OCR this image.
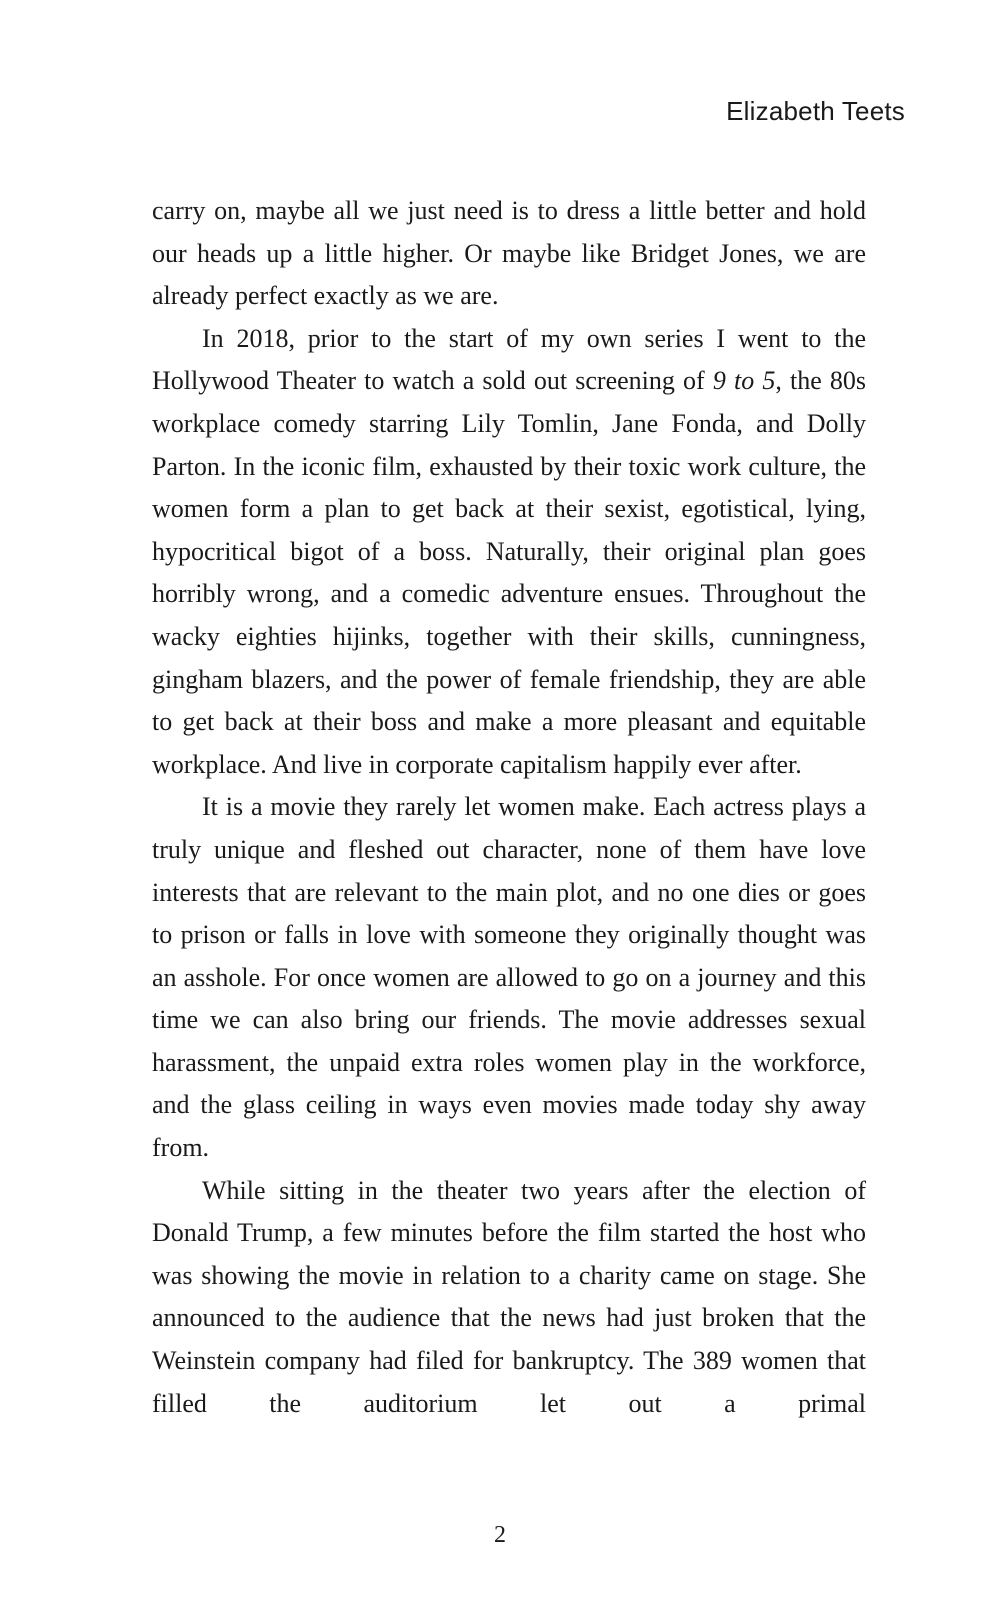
Elizabeth Teets

carry on, maybe all we just need is to dress a little better and hold our heads up a little higher. Or maybe like Bridget Jones, we are already perfect exactly as we are.

In 2018, prior to the start of my own series I went to the Hollywood Theater to watch a sold out screening of 9 to 5, the 80s workplace comedy starring Lily Tomlin, Jane Fonda, and Dolly Parton. In the iconic film, exhausted by their toxic work culture, the women form a plan to get back at their sexist, egotistical, lying, hypocritical bigot of a boss. Naturally, their original plan goes horribly wrong, and a comedic adventure ensues. Throughout the wacky eighties hijinks, together with their skills, cunningness, gingham blazers, and the power of female friendship, they are able to get back at their boss and make a more pleasant and equitable workplace. And live in corporate capitalism happily ever after.

It is a movie they rarely let women make. Each actress plays a truly unique and fleshed out character, none of them have love interests that are relevant to the main plot, and no one dies or goes to prison or falls in love with someone they originally thought was an asshole. For once women are allowed to go on a journey and this time we can also bring our friends. The movie addresses sexual harassment, the unpaid extra roles women play in the workforce, and the glass ceiling in ways even movies made today shy away from.

While sitting in the theater two years after the election of Donald Trump, a few minutes before the film started the host who was showing the movie in relation to a charity came on stage. She announced to the audience that the news had just broken that the Weinstein company had filed for bankruptcy. The 389 women that filled the auditorium let out a primal

2
